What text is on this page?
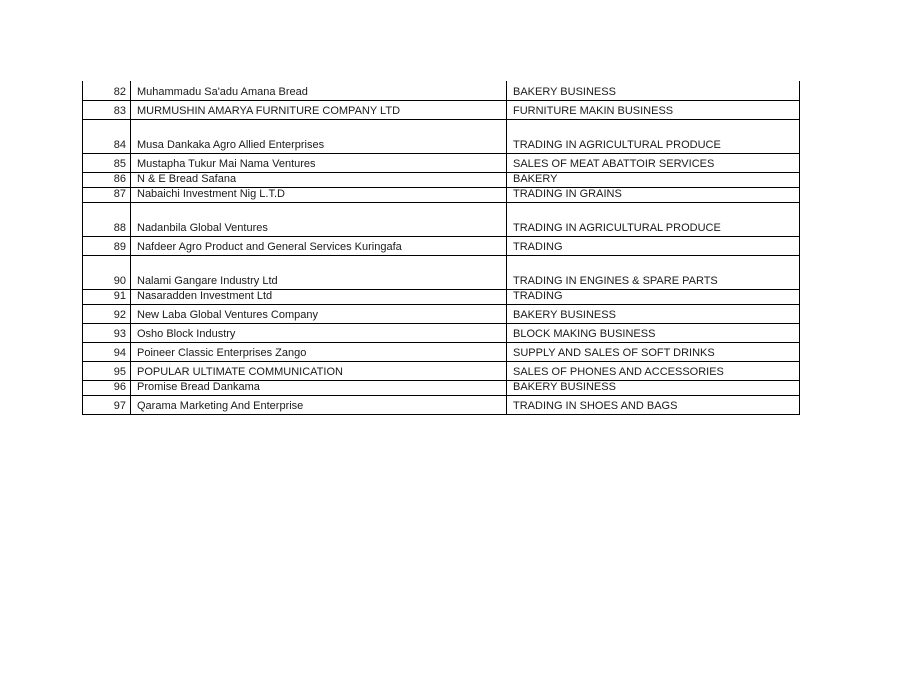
82	Muhammadu Sa'adu Amana Bread	BAKERY BUSINESS
83	MURMUSHIN AMARYA FURNITURE COMPANY LTD	FURNITURE MAKIN BUSINESS
84	Musa Dankaka Agro Allied Enterprises	TRADING IN AGRICULTURAL PRODUCE
85	Mustapha Tukur Mai Nama Ventures	SALES OF MEAT ABATTOIR SERVICES
86	N & E Bread Safana	BAKERY
87	Nabaichi Investment Nig L.T.D	TRADING IN GRAINS
88	Nadanbila Global Ventures	TRADING IN AGRICULTURAL PRODUCE
89	Nafdeer Agro Product and General Services Kuringafa	TRADING
90	Nalami Gangare Industry Ltd	TRADING IN ENGINES & SPARE PARTS
91	Nasaradden Investment Ltd	TRADING
92	New Laba Global Ventures Company	BAKERY BUSINESS
93	Osho Block Industry	BLOCK MAKING BUSINESS
94	Poineer Classic Enterprises Zango	SUPPLY AND SALES OF SOFT DRINKS
95	POPULAR ULTIMATE COMMUNICATION	SALES OF PHONES AND ACCESSORIES
96	Promise Bread Dankama	BAKERY BUSINESS
97	Qarama Marketing And Enterprise	TRADING IN SHOES AND BAGS
